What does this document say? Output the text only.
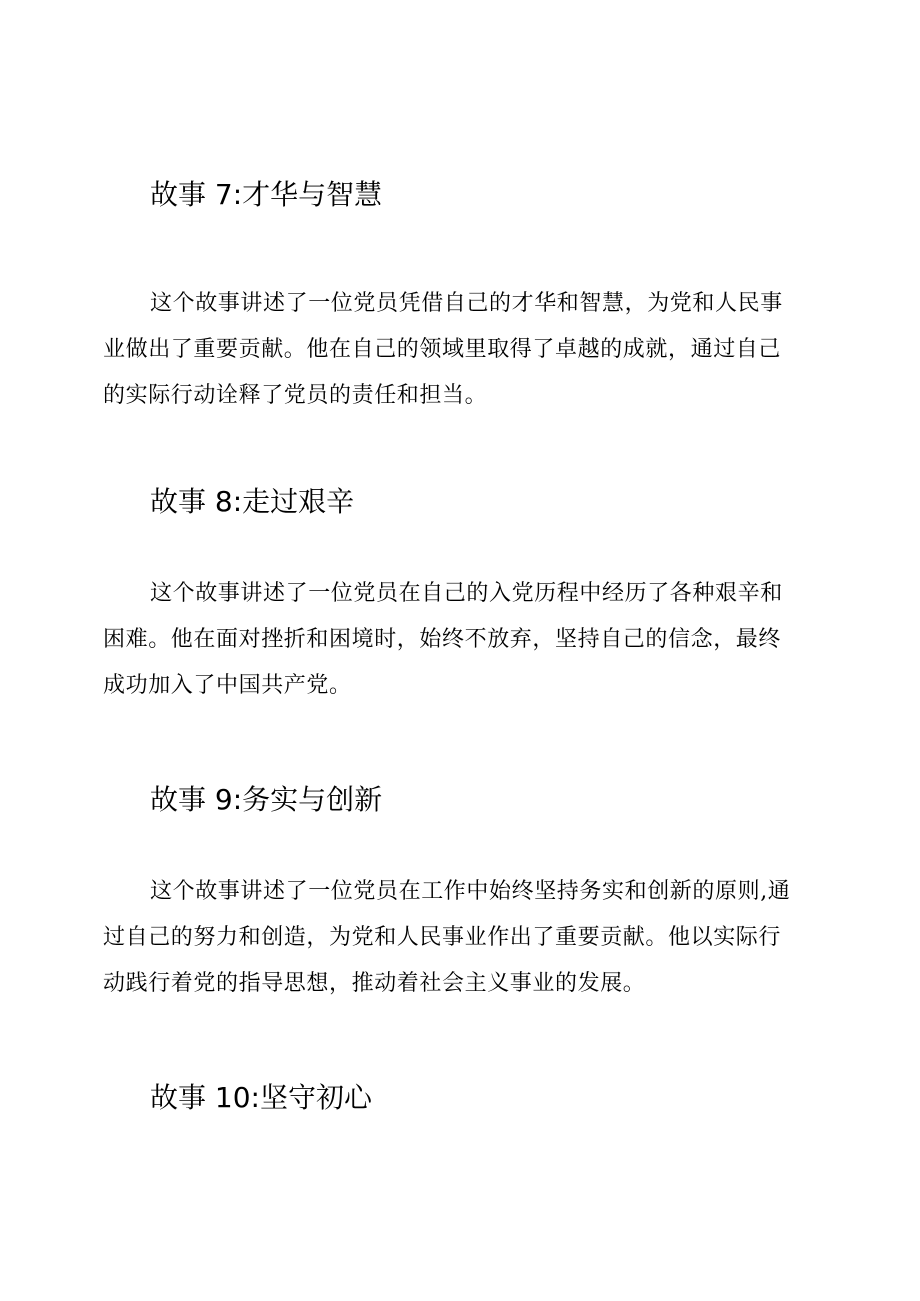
故事 7:才华与智慧
这个故事讲述了一位党员凭借自己的才华和智慧，为党和人民事
业做出了重要贡献。他在自己的领域里取得了卓越的成就，通过自己
的实际行动诠释了党员的责任和担当。
故事 8:走过艰辛
这个故事讲述了一位党员在自己的入党历程中经历了各种艰辛和
困难。他在面对挫折和困境时，始终不放弃，坚持自己的信念，最终
成功加入了中国共产党。
故事 9:务实与创新
这个故事讲述了一位党员在工作中始终坚持务实和创新的原则,通
过自己的努力和创造，为党和人民事业作出了重要贡献。他以实际行
动践行着党的指导思想，推动着社会主义事业的发展。
故事 10:坚守初心
